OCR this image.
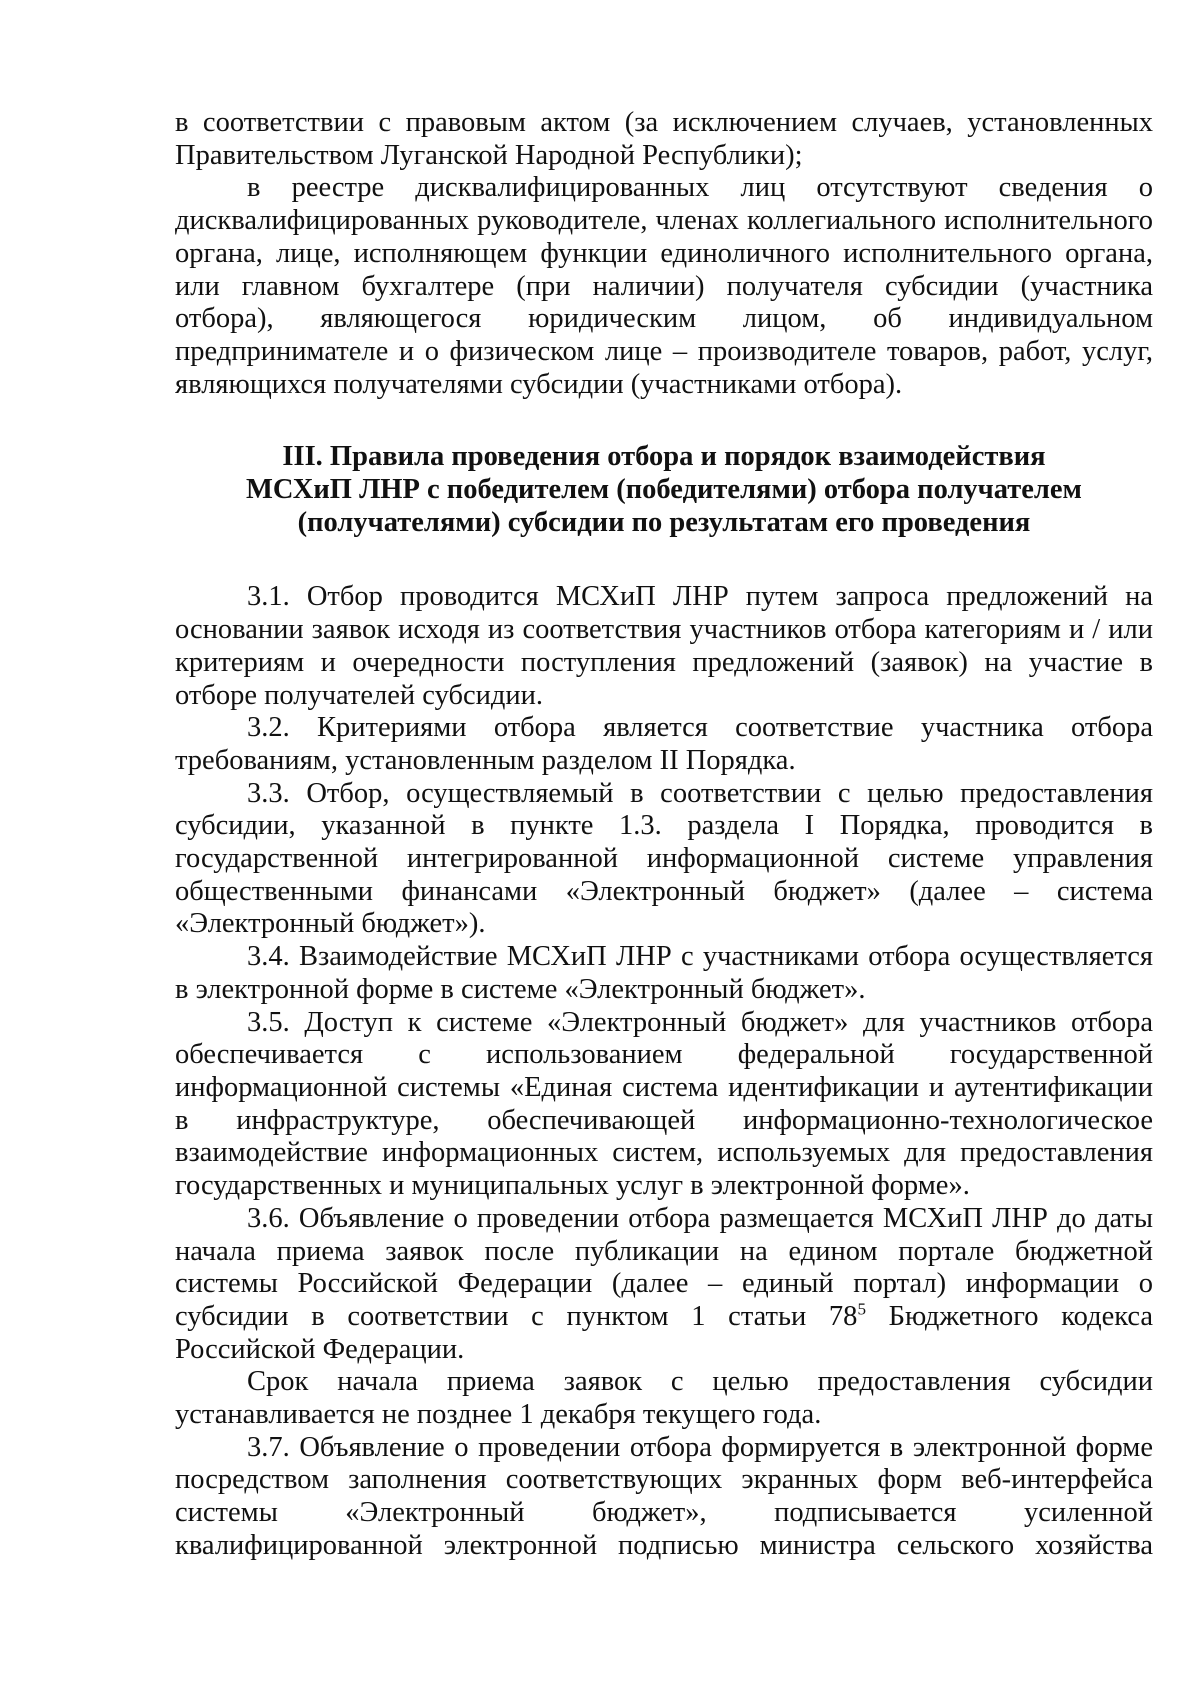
в соответствии с правовым актом (за исключением случаев, установленных Правительством Луганской Народной Республики);

в реестре дисквалифицированных лиц отсутствуют сведения о дисквалифицированных руководителе, членах коллегиального исполнительного органа, лице, исполняющем функции единоличного исполнительного органа, или главном бухгалтере (при наличии) получателя субсидии (участника отбора), являющегося юридическим лицом, об индивидуальном предпринимателе и о физическом лице – производителе товаров, работ, услуг, являющихся получателями субсидии (участниками отбора).

III. Правила проведения отбора и порядок взаимодействия
МСХиП ЛНР с победителем (победителями) отбора получателем
(получателями) субсидии по результатам его проведения

3.1. Отбор проводится МСХиП ЛНР путем запроса предложений на основании заявок исходя из соответствия участников отбора категориям и / или критериям и очередности поступления предложений (заявок) на участие в отборе получателей субсидии.

3.2. Критериями отбора является соответствие участника отбора требованиям, установленным разделом II Порядка.

3.3. Отбор, осуществляемый в соответствии с целью предоставления субсидии, указанной в пункте 1.3. раздела I Порядка, проводится в государственной интегрированной информационной системе управления общественными финансами «Электронный бюджет» (далее – система «Электронный бюджет»).

3.4. Взаимодействие МСХиП ЛНР с участниками отбора осуществляется в электронной форме в системе «Электронный бюджет».

3.5. Доступ к системе «Электронный бюджет» для участников отбора обеспечивается с использованием федеральной государственной информационной системы «Единая система идентификации и аутентификации в инфраструктуре, обеспечивающей информационно-технологическое взаимодействие информационных систем, используемых для предоставления государственных и муниципальных услуг в электронной форме».

3.6. Объявление о проведении отбора размещается МСХиП ЛНР до даты начала приема заявок после публикации на едином портале бюджетной системы Российской Федерации (далее – единый портал) информации о субсидии в соответствии с пунктом 1 статьи $78^5$ Бюджетного кодекса Российской Федерации.

Срок начала приема заявок с целью предоставления субсидии устанавливается не позднее 1 декабря текущего года.

3.7. Объявление о проведении отбора формируется в электронной форме посредством заполнения соответствующих экранных форм веб-интерфейса системы «Электронный бюджет», подписывается усиленной квалифицированной электронной подписью министра сельского хозяйства
